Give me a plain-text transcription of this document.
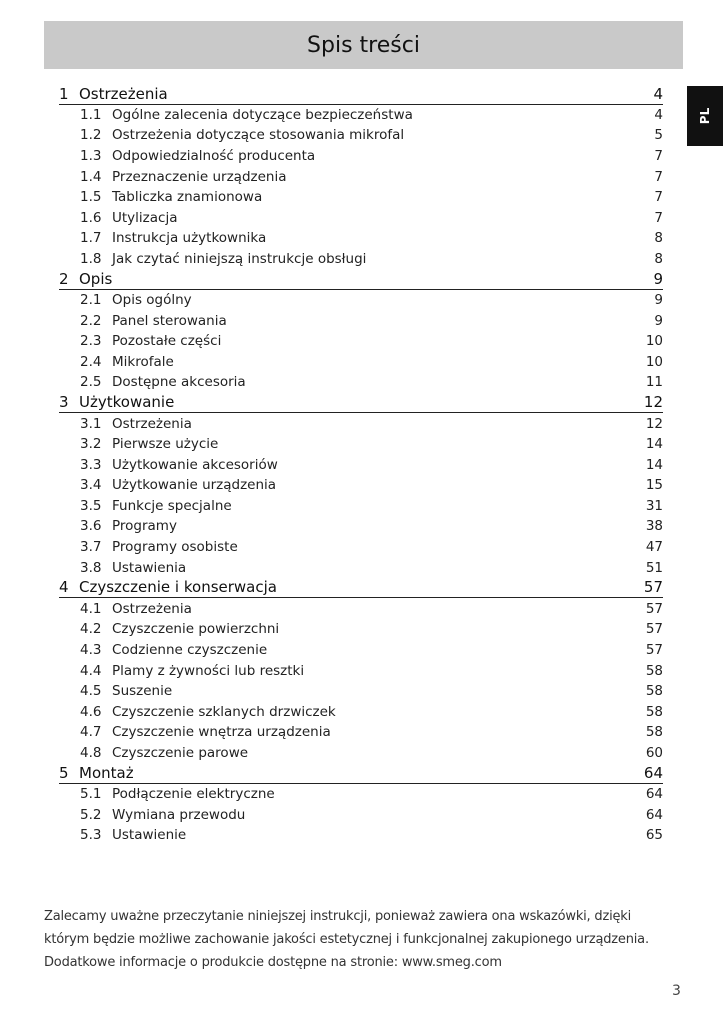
Spis treści
PL
1 Ostrzeżenia	4
1.1 Ogólne zalecenia dotyczące bezpieczeństwa	4
1.2 Ostrzeżenia dotyczące stosowania mikrofal	5
1.3 Odpowiedzialność producenta	7
1.4 Przeznaczenie urządzenia	7
1.5 Tabliczka znamionowa	7
1.6 Utylizacja	7
1.7 Instrukcja użytkownika	8
1.8 Jak czytać niniejszą instrukcje obsługi	8
2 Opis	9
2.1 Opis ogólny	9
2.2 Panel sterowania	9
2.3 Pozostałe części	10
2.4 Mikrofale	10
2.5 Dostępne akcesoria	11
3 Użytkowanie	12
3.1 Ostrzeżenia	12
3.2 Pierwsze użycie	14
3.3 Użytkowanie akcesoriów	14
3.4 Użytkowanie urządzenia	15
3.5 Funkcje specjalne	31
3.6 Programy	38
3.7 Programy osobiste	47
3.8 Ustawienia	51
4 Czyszczenie i konserwacja	57
4.1 Ostrzeżenia	57
4.2 Czyszczenie powierzchni	57
4.3 Codzienne czyszczenie	57
4.4 Plamy z żywności lub resztki	58
4.5 Suszenie	58
4.6 Czyszczenie szklanych drzwiczek	58
4.7 Czyszczenie wnętrza urządzenia	58
4.8 Czyszczenie parowe	60
5 Montaż	64
5.1 Podłączenie elektryczne	64
5.2 Wymiana przewodu	64
5.3 Ustawienie	65

Zalecamy uważne przeczytanie niniejszej instrukcji, ponieważ zawiera ona wskazówki, dzięki

którym będzie możliwe zachowanie jakości estetycznej i funkcjonalnej zakupionego urządzenia.

Dodatkowe informacje o produkcie dostępne na stronie: www.smeg.com

3
